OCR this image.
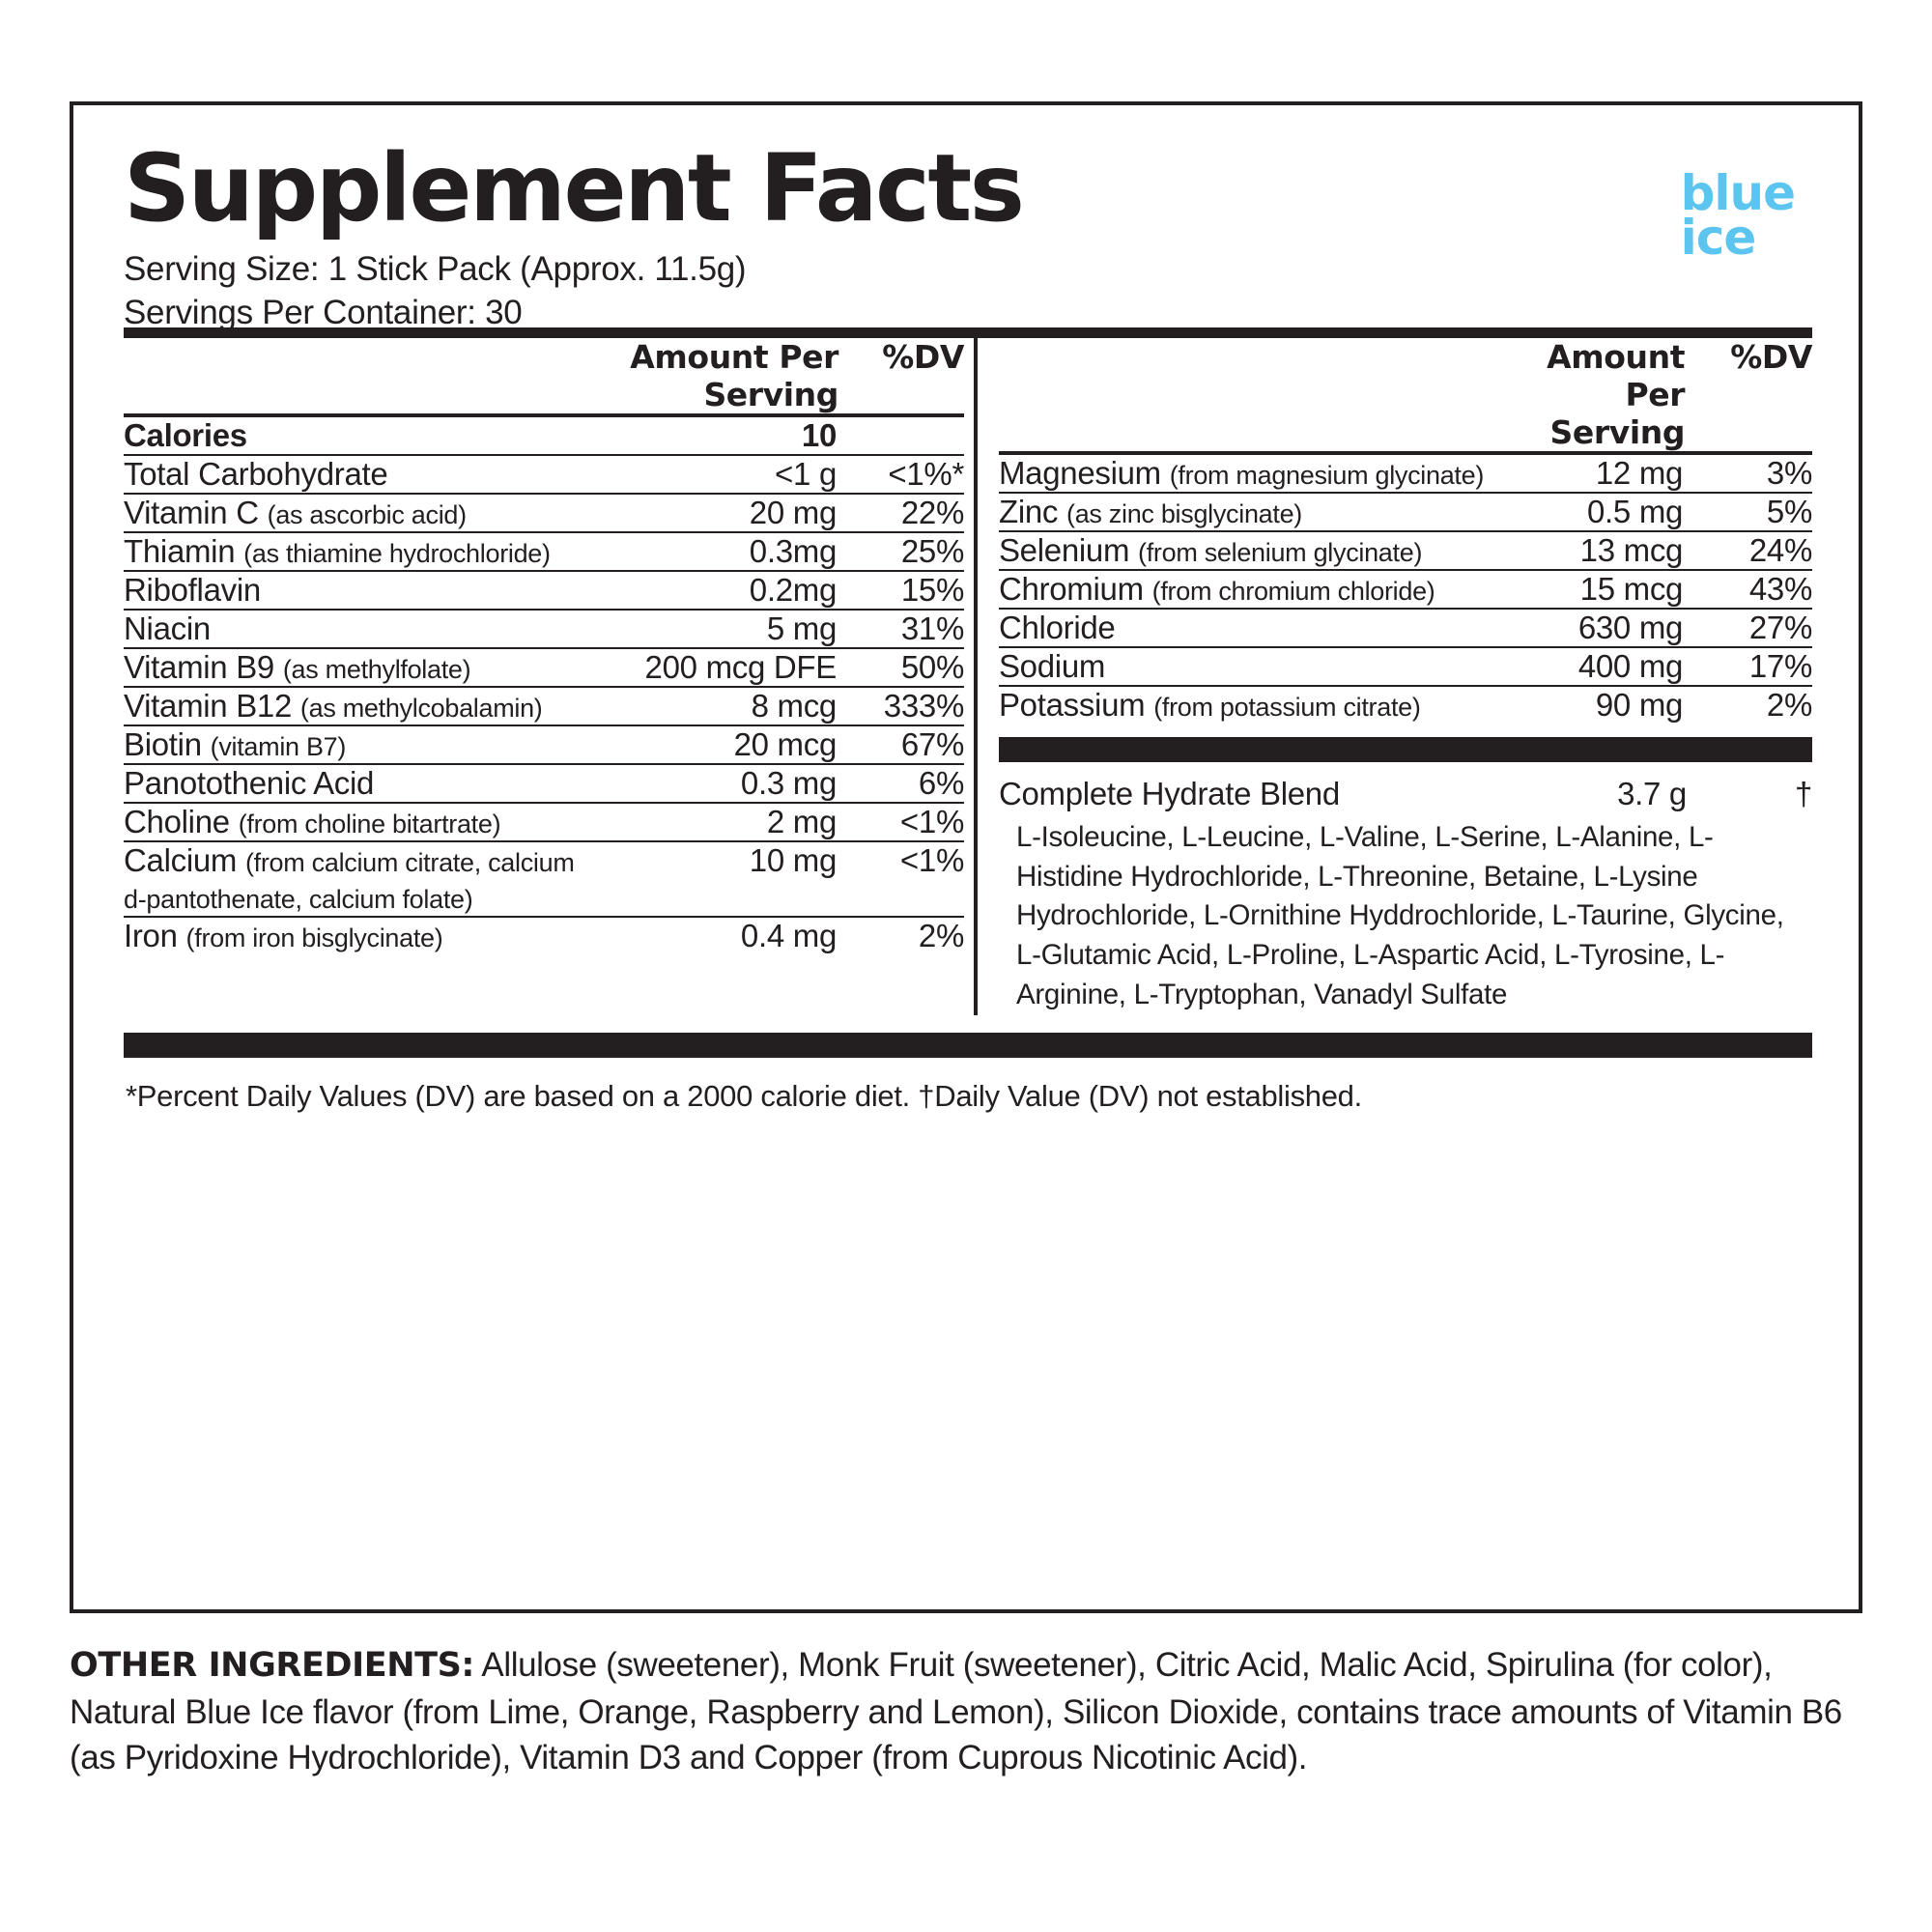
Supplement Facts	blue
ice

Serving Size: 1 Stick Pack (Approx. 11.5g)

Servings Per Container: 30

	Amount Per Serving	%DV
Calories	10	
Total Carbohydrate	<1 g	<1%*
Vitamin C (as ascorbic acid)	20 mg	22%
Thiamin (as thiamine hydrochloride)	0.3mg	25%
Riboflavin	0.2mg	15%
Niacin	5 mg	31%
Vitamin B9 (as methylfolate)	200 mcg DFE	50%
Vitamin B12 (as methylcobalamin)	8 mcg	333%
Biotin (vitamin B7)	20 mcg	67%
Panotothenic Acid	0.3 mg	6%
Choline (from choline bitartrate)	2 mg	<1%
Calcium (from calcium citrate, calcium d-pantothenate, calcium folate)	10 mg	<1%
Iron (from iron bisglycinate)	0.4 mg	2%
	Amount Per Serving	%DV
Magnesium (from magnesium glycinate)	12 mg	3%
Zinc (as zinc bisglycinate)	0.5 mg	5%
Selenium (from selenium glycinate)	13 mcg	24%
Chromium (from chromium chloride)	15 mcg	43%
Chloride	630 mg	27%
Sodium	400 mg	17%
Potassium (from potassium citrate)	90 mg	2%
Complete Hydrate Blend	3.7 g	†
L-Isoleucine, L-Leucine, L-Valine, L-Serine, L-Alanine, L-Histidine Hydrochloride, L-Threonine, Betaine, L-Lysine Hydrochloride, L-Ornithine Hyddrochloride, L-Taurine, Glycine, L-Glutamic Acid, L-Proline, L-Aspartic Acid, L-Tyrosine, L-Arginine, L-Tryptophan, Vanadyl Sulfate
*Percent Daily Values (DV) are based on a 2000 calorie diet. †Daily Value (DV) not established.
OTHER INGREDIENTS: Allulose (sweetener), Monk Fruit (sweetener), Citric Acid, Malic Acid, Spirulina (for color), Natural Blue Ice flavor (from Lime, Orange, Raspberry and Lemon), Silicon Dioxide, contains trace amounts of Vitamin B6 (as Pyridoxine Hydrochloride), Vitamin D3 and Copper (from Cuprous Nicotinic Acid).
